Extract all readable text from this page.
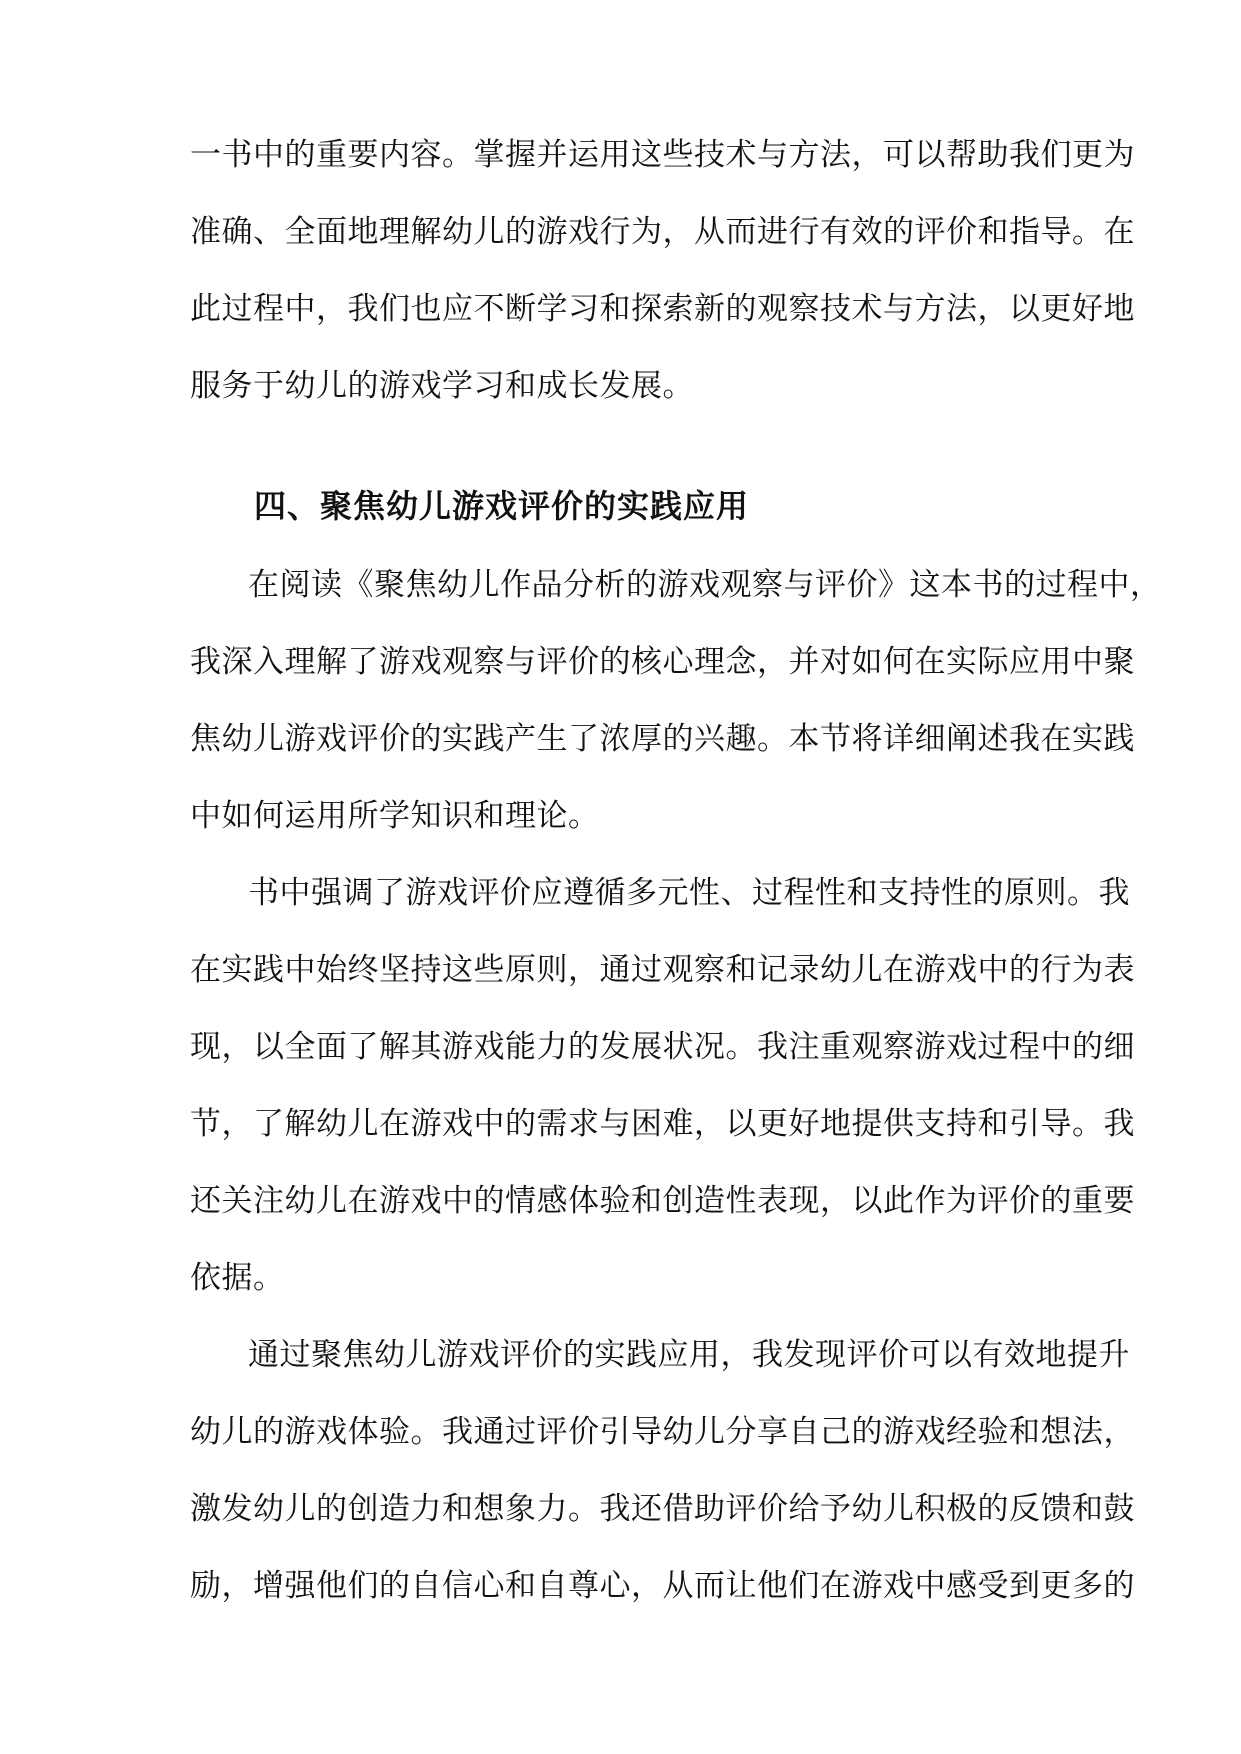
一书中的重要内容。掌握并运用这些技术与方法，可以帮助我们更为
准确、全面地理解幼儿的游戏行为，从而进行有效的评价和指导。在
此过程中，我们也应不断学习和探索新的观察技术与方法，以更好地
服务于幼儿的游戏学习和成长发展。
四、聚焦幼儿游戏评价的实践应用
在阅读《聚焦幼儿作品分析的游戏观察与评价》这本书的过程中，
我深入理解了游戏观察与评价的核心理念，并对如何在实际应用中聚
焦幼儿游戏评价的实践产生了浓厚的兴趣。本节将详细阐述我在实践
中如何运用所学知识和理论。
书中强调了游戏评价应遵循多元性、过程性和支持性的原则。我
在实践中始终坚持这些原则，通过观察和记录幼儿在游戏中的行为表
现，以全面了解其游戏能力的发展状况。我注重观察游戏过程中的细
节，了解幼儿在游戏中的需求与困难，以更好地提供支持和引导。我
还关注幼儿在游戏中的情感体验和创造性表现，以此作为评价的重要
依据。
通过聚焦幼儿游戏评价的实践应用，我发现评价可以有效地提升
幼儿的游戏体验。我通过评价引导幼儿分享自己的游戏经验和想法，
激发幼儿的创造力和想象力。我还借助评价给予幼儿积极的反馈和鼓
励，增强他们的自信心和自尊心，从而让他们在游戏中感受到更多的
